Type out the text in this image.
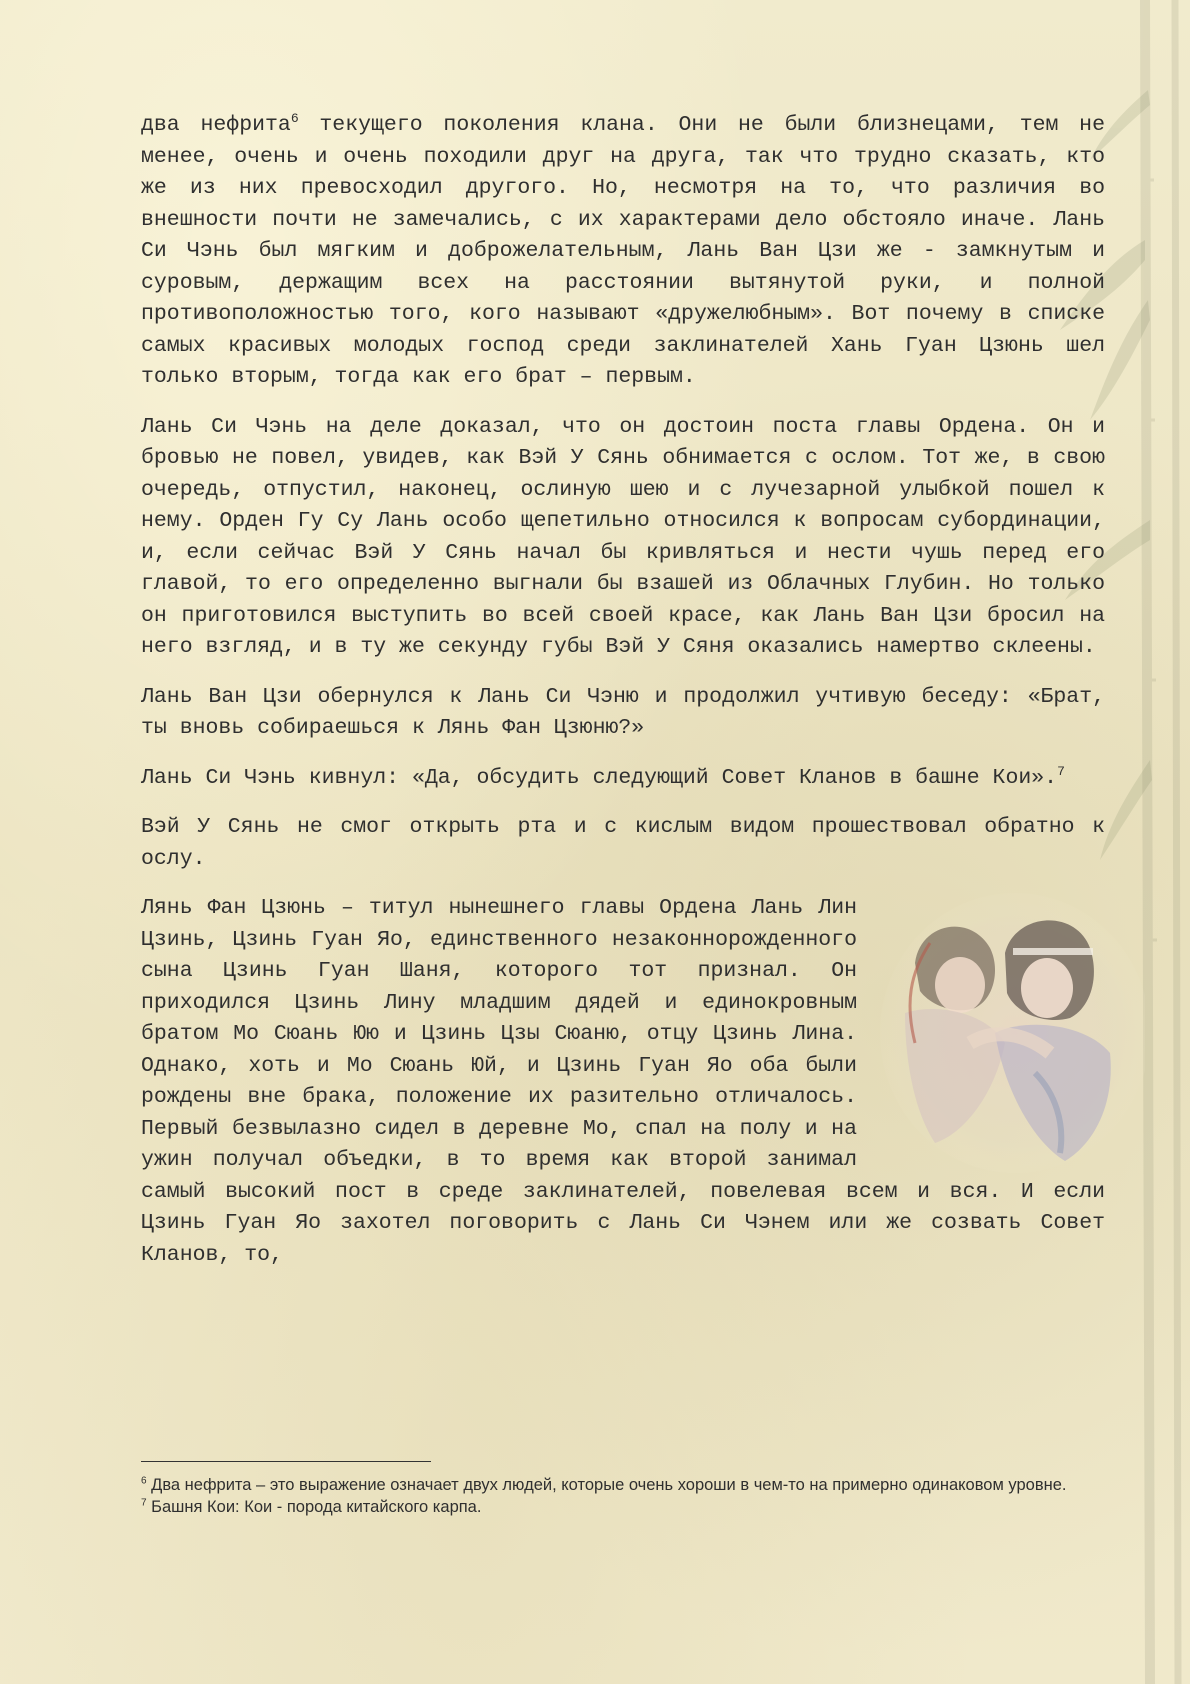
два нефрита$^6$ текущего поколения клана. Они не были близнецами, тем не менее, очень и очень походили друг на друга, так что трудно сказать, кто же из них превосходил другого. Но, несмотря на то, что различия во внешности почти не замечались, с их характерами дело обстояло иначе. Лань Си Чэнь был мягким и доброжелательным, Лань Ван Цзи же - замкнутым и суровым, держащим всех на расстоянии вытянутой руки, и полной противоположностью того, кого называют «дружелюбным». Вот почему в списке самых красивых молодых господ среди заклинателей Хань Гуан Цзюнь шел только вторым, тогда как его брат – первым.

Лань Си Чэнь на деле доказал, что он достоин поста главы Ордена. Он и бровью не повел, увидев, как Вэй У Сянь обнимается с ослом. Тот же, в свою очередь, отпустил, наконец, ослиную шею и с лучезарной улыбкой пошел к нему. Орден Гу Су Лань особо щепетильно относился к вопросам субординации, и, если сейчас Вэй У Сянь начал бы кривляться и нести чушь перед его главой, то его определенно выгнали бы взашей из Облачных Глубин. Но только он приготовился выступить во всей своей красе, как Лань Ван Цзи бросил на него взгляд, и в ту же секунду губы Вэй У Сяня оказались намертво склеены.

Лань Ван Цзи обернулся к Лань Си Чэню и продолжил учтивую беседу: «Брат, ты вновь собираешься к Лянь Фан Цзюню?»

Лань Си Чэнь кивнул: «Да, обсудить следующий Совет Кланов в башне Кои».$^7$

Вэй У Сянь не смог открыть рта и с кислым видом прошествовал обратно к ослу.

Лянь Фан Цзюнь – титул нынешнего главы Ордена Лань Лин Цзинь, Цзинь Гуан Яо, единственного незаконнорожденного сына Цзинь Гуан Шаня, которого тот признал. Он приходился Цзинь Лину младшим дядей и единокровным братом Мо Сюань Юю и Цзинь Цзы Сюаню, отцу Цзинь Лина. Однако, хоть и Мо Сюань Юй, и Цзинь Гуан Яо оба были рождены вне брака, положение их разительно отличалось. Первый безвылазно сидел в деревне Мо, спал на полу и на ужин получал объедки, в то время как второй занимал самый высокий пост в среде заклинателей, повелевая всем и вся. И если Цзинь Гуан Яо захотел поговорить с Лань Си Чэнем или же созвать Совет Кланов, то,

$^6$ Два нефрита – это выражение означает двух людей, которые очень хороши в чем-то на примерно одинаковом уровне.

$^7$ Башня Кои: Кои - порода китайского карпа.
